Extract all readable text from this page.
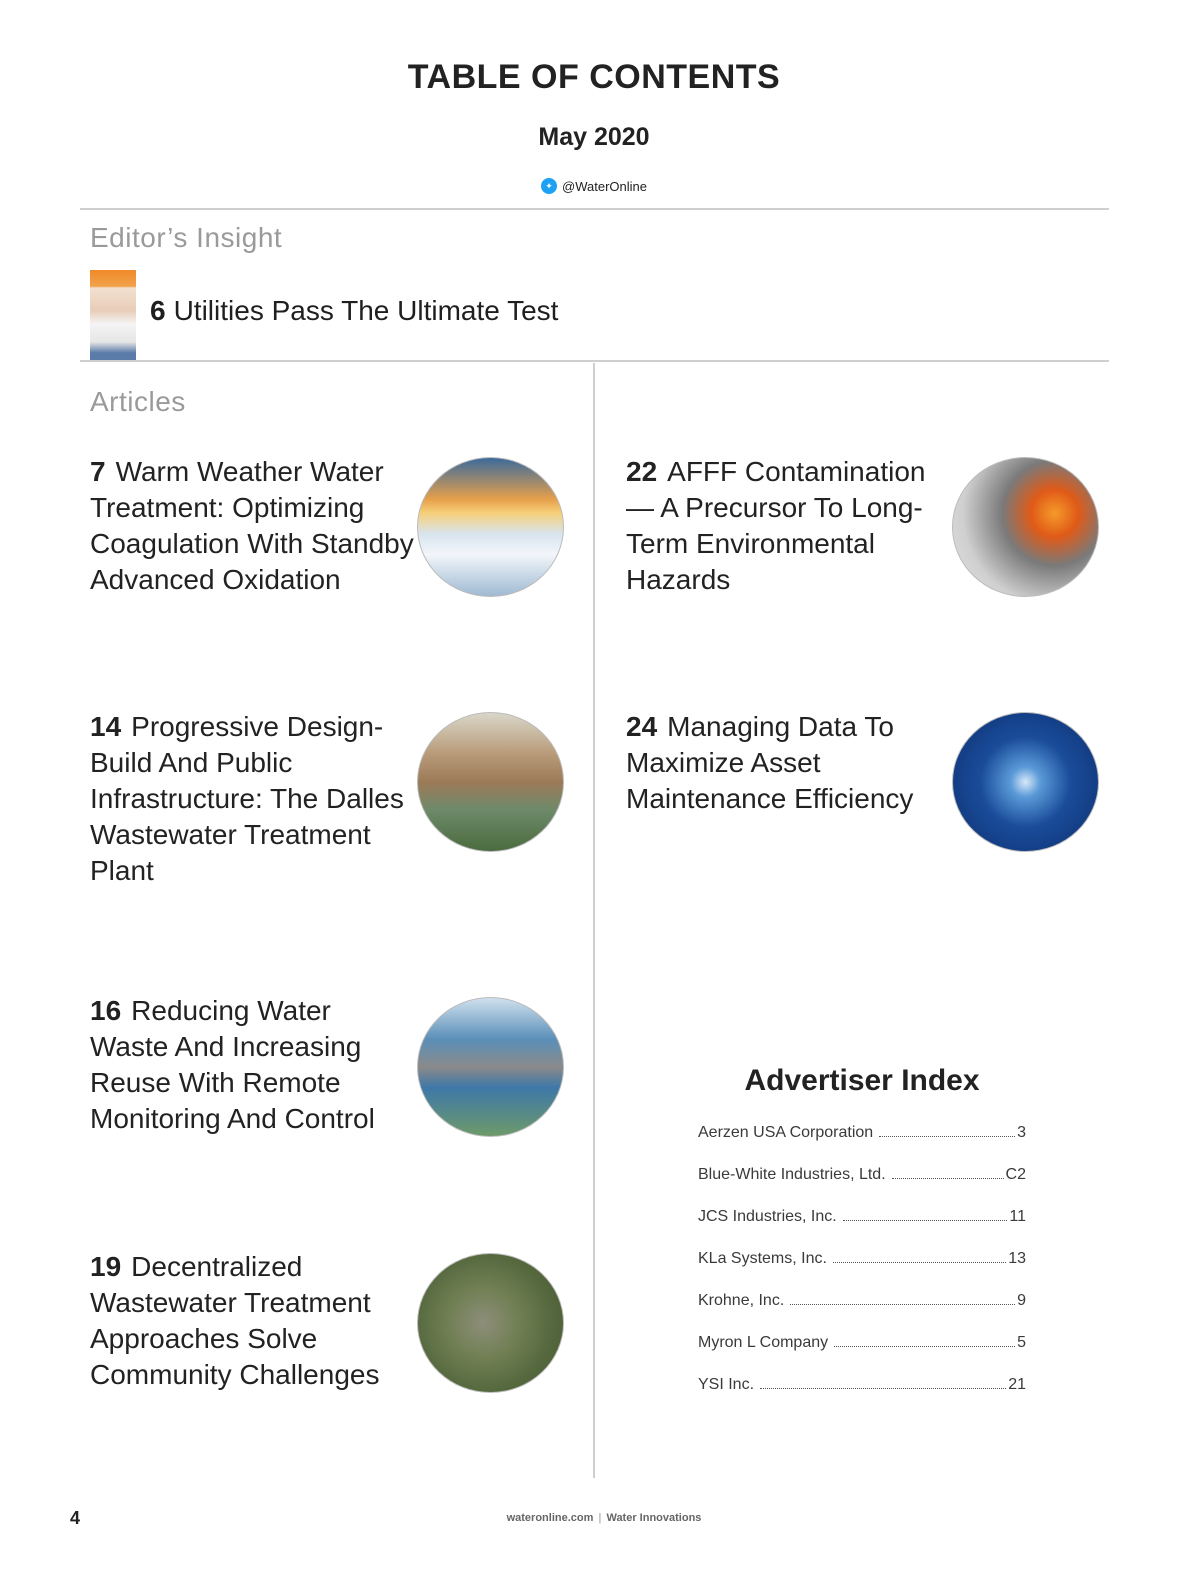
TABLE OF CONTENTS
May 2020
✦ @WaterOnline
Editor’s Insight
6 Utilities Pass The Ultimate Test
Articles
7 Warm Weather Water Treatment: Optimizing Coagulation With Standby Advanced Oxidation
22 AFFF Contamination — A Precursor To Long-Term Environmental Hazards
14 Progressive Design-Build And Public Infrastructure: The Dalles Wastewater Treatment Plant
24 Managing Data To Maximize Asset Maintenance Efficiency
16 Reducing Water Waste And Increasing Reuse With Remote Monitoring And Control
19 Decentralized Wastewater Treatment Approaches Solve Community Challenges
Advertiser Index
Aerzen USA Corporation	3
Blue-White Industries, Ltd.	C2
JCS Industries, Inc.	11
KLa Systems, Inc.	13
Krohne, Inc.	9
Myron L Company	5
YSI Inc.	21
4	wateronline.com | Water Innovations
